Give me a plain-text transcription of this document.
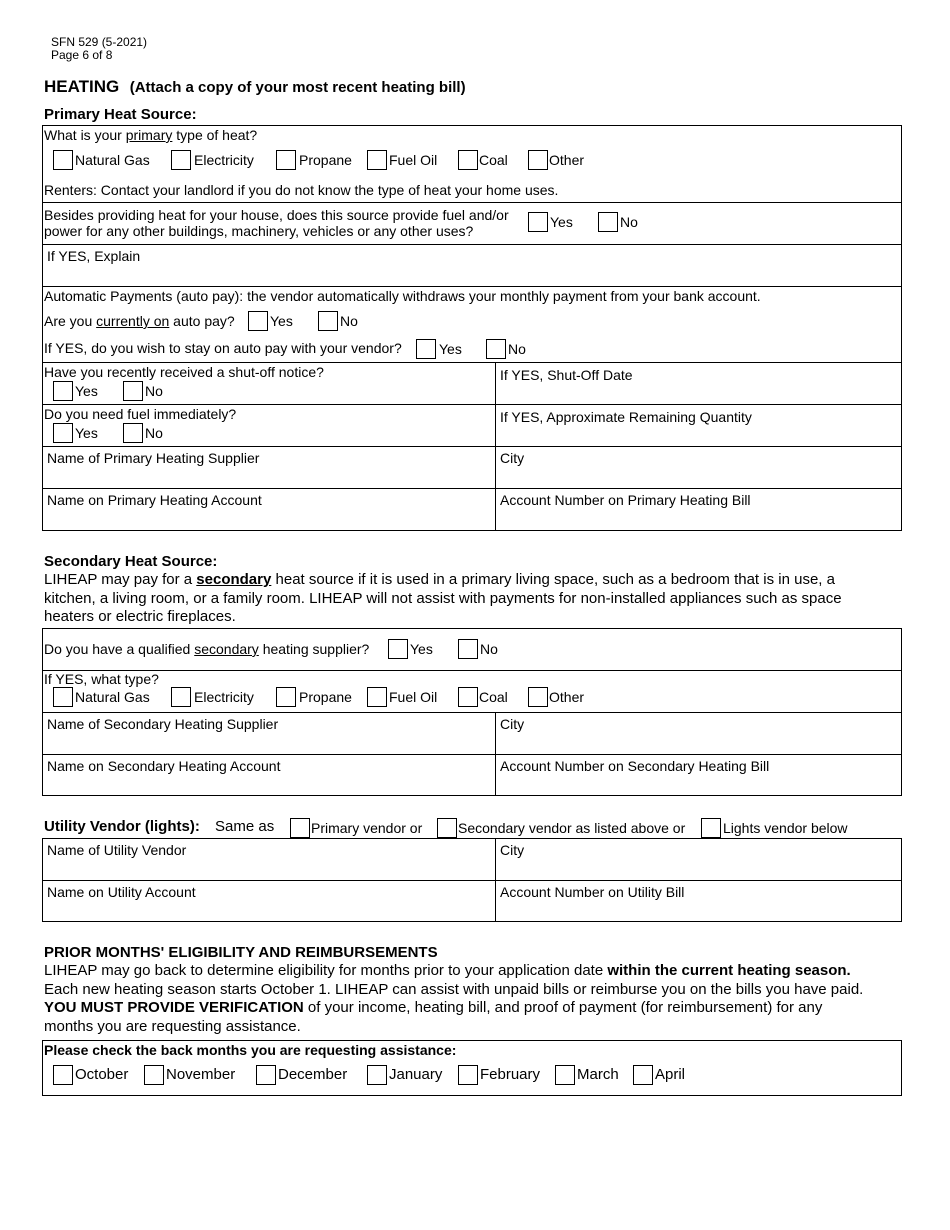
SFN 529 (5-2021)
Page 6 of 8
HEATING (Attach a copy of your most recent heating bill)
Primary Heat Source:
What is your primary type of heat?
Natural Gas	Electricity	Propane	Fuel Oil	Coal	Other
Renters: Contact your landlord if you do not know the type of heat your home uses.
Besides providing heat for your house, does this source provide fuel and/or
power for any other buildings, machinery, vehicles or any other uses?
Yes	No
If YES, Explain
Automatic Payments (auto pay): the vendor automatically withdraws your monthly payment from your bank account.
Are you currently on auto pay?	Yes	No
If YES, do you wish to stay on auto pay with your vendor?	Yes	No
Have you recently received a shut-off notice?
Yes	No
If YES, Shut-Off Date
Do you need fuel immediately?
Yes	No
If YES, Approximate Remaining Quantity
Name of Primary Heating Supplier	City
Name on Primary Heating Account	Account Number on Primary Heating Bill
Secondary Heat Source:
LIHEAP may pay for a secondary heat source if it is used in a primary living space, such as a bedroom that is in use, a
kitchen, a living room, or a family room. LIHEAP will not assist with payments for non-installed appliances such as space
heaters or electric fireplaces.
Do you have a qualified secondary heating supplier?	Yes	No
If YES, what type?
Natural Gas	Electricity	Propane	Fuel Oil	Coal	Other
Name of Secondary Heating Supplier	City
Name on Secondary Heating Account	Account Number on Secondary Heating Bill
Utility Vendor (lights): Same as	Primary vendor or	Secondary vendor as listed above or	Lights vendor below
Name of Utility Vendor	City
Name on Utility Account	Account Number on Utility Bill
PRIOR MONTHS' ELIGIBILITY AND REIMBURSEMENTS
LIHEAP may go back to determine eligibility for months prior to your application date within the current heating season.
Each new heating season starts October 1. LIHEAP can assist with unpaid bills or reimburse you on the bills you have paid.
YOU MUST PROVIDE VERIFICATION of your income, heating bill, and proof of payment (for reimbursement) for any
months you are requesting assistance.
Please check the back months you are requesting assistance:
October	November	December	January	February March April
